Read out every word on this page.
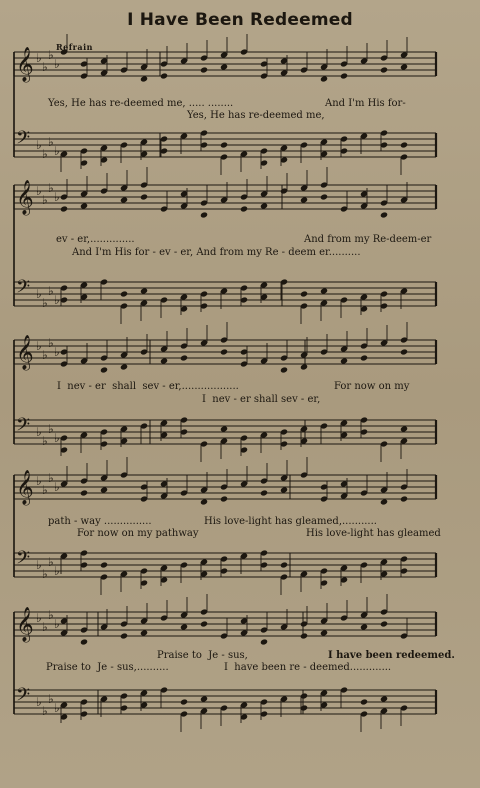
𝄞 ♭
♭
♭
♭
𝄢 ♭
♭
♭
♭
𝄞 ♭
♭
♭
♭
𝄢 ♭
♭
♭
♭
𝄞 ♭
♭
♭
♭
𝄢 ♭
♭
♭
♭
𝄞 ♭
♭
♭
♭
𝄢 ♭
♭
♭
♭
𝄞 ♭
♭
♭
♭
𝄢 ♭
♭
♭
♭
I Have Been Redeemed
Refrain
Yes, He has re-deemed me, ..... ........	And I'm His for-
Yes, He has re-deemed me,
ev - er,..............	And from my Re-deem-er
And I'm His for - ev - er, And from my Re - deem er..........
I  nev - er  shall  sev - er,..................	For now on my
I  nev - er shall sev - er,
path - way ...............	His love-light has gleamed,...........
For now on my pathway	His love-light has gleamed
Praise to  Je - sus,	I have been redeemed.
Praise to  Je - sus,..........	I  have been re - deemed.............
